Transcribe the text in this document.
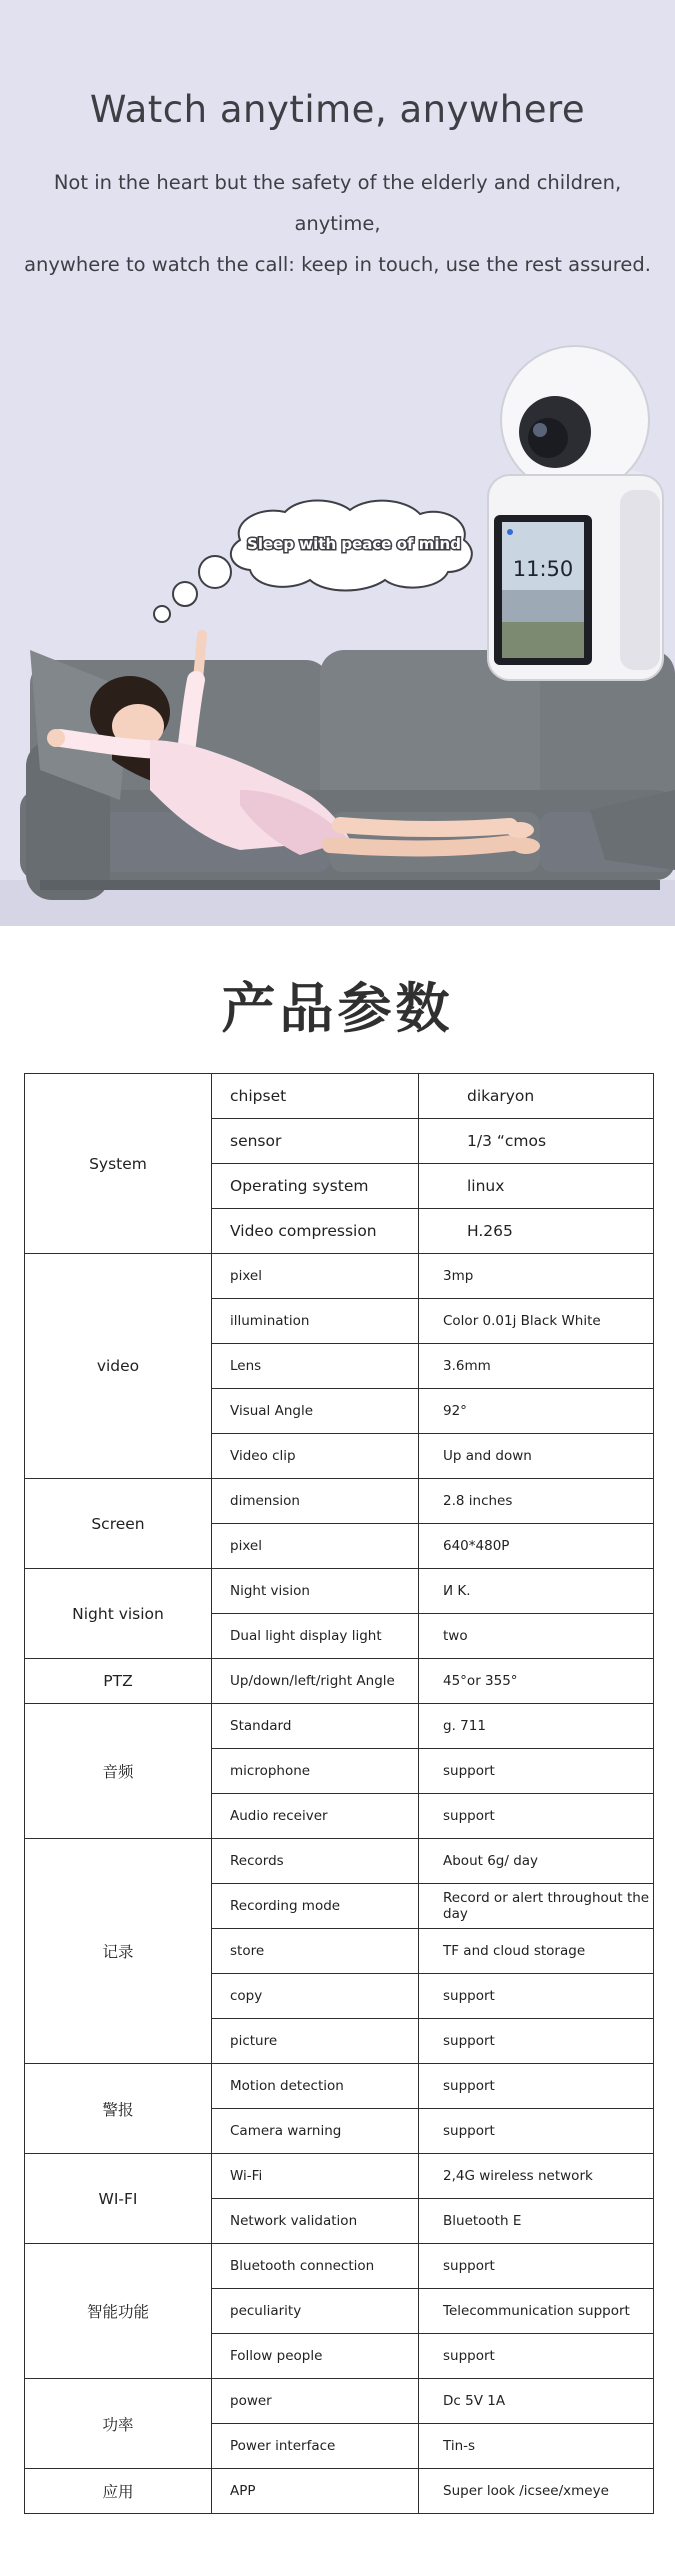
Watch anytime, anywhere
Not in the heart but the safety of the elderly and children, anytime,
anywhere to watch the call: keep in touch, use the rest assured.
Sleep with peace of mind
11:50
产品参数
System	chipset	dikaryon
	sensor	1/3 “cmos
	Operating system	linux
	Video compression	H.265
video	pixel	3mp
	illumination	Color 0.01j Black White
	Lens	3.6mm
	Visual Angle	92°
	Video clip	Up and down
Screen	dimension	2.8 inches
	pixel	640*480P
Night vision	Night vision	И K.
	Dual light display light	two
PTZ	Up/down/left/right Angle	45°or 355°
音频	Standard	g. 711
	microphone	support
	Audio receiver	support
记录	Records	About 6g/ day
	Recording mode	Record or alert throughout the day
	store	TF and cloud storage
	copy	support
	picture	support
警报	Motion detection	support
	Camera warning	support
WI-FI	Wi-Fi	2,4G wireless network
	Network validation	Bluetooth E
智能功能	Bluetooth connection	support
	peculiarity	Telecommunication support
	Follow people	support
功率	power	Dc 5V 1A
	Power interface	Tin-s
应用	APP	Super look /icsee/xmeye
